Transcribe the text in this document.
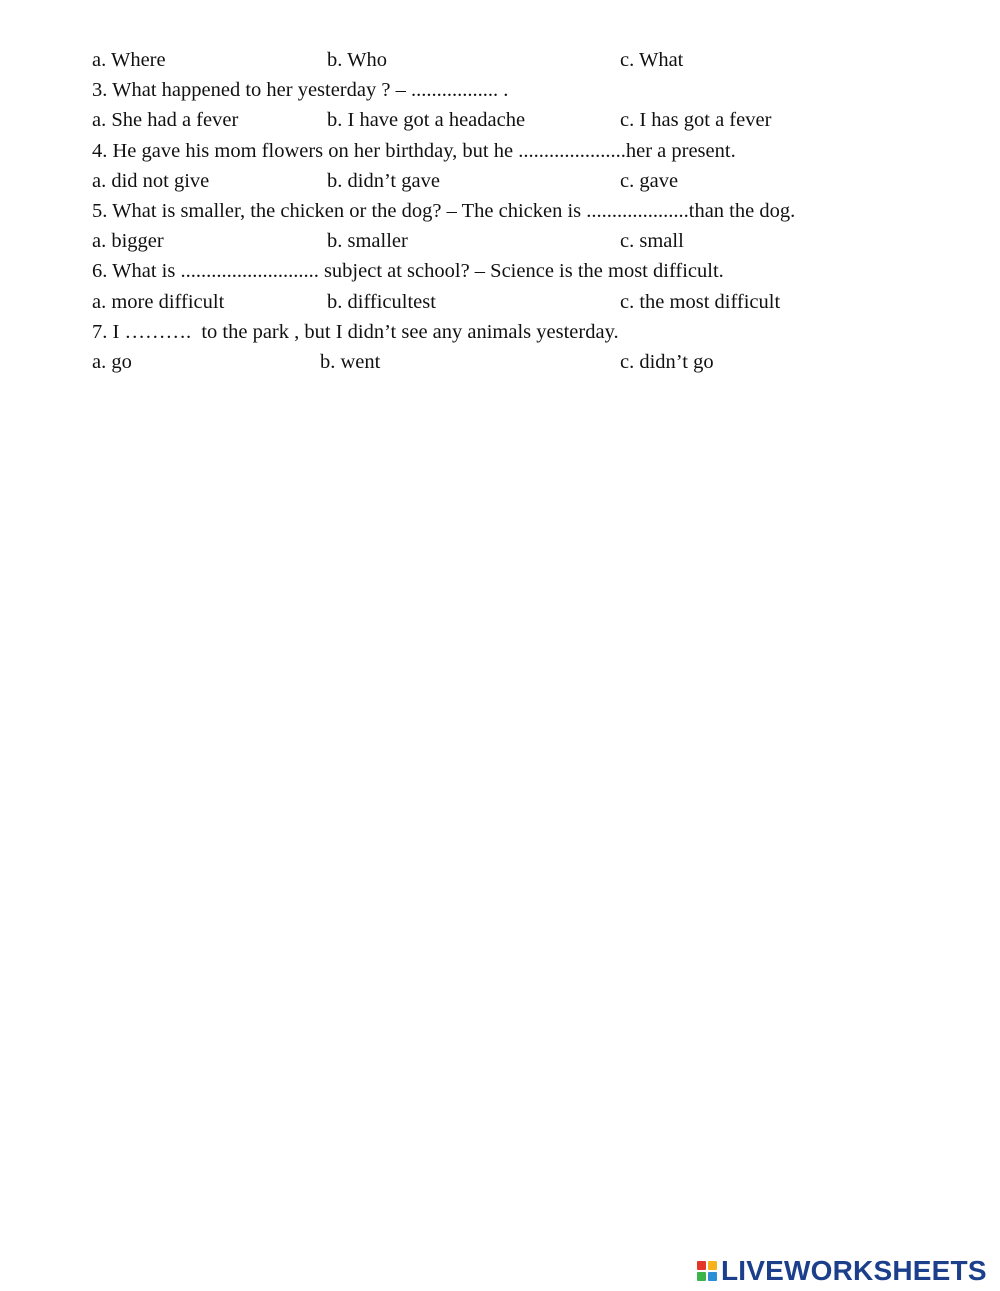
a. Where	b. Who	c. What
3. What happened to her yesterday ? – ................. .
a. She had a fever	b. I have got a headache	c. I has got a fever
4. He gave his mom flowers on her birthday, but he .....................her a present.
a. did not give	b. didn’t gave	c. gave
5. What is smaller, the chicken or the dog? – The chicken is ....................than the dog.
a. bigger	b. smaller	c. small
6. What is ........................... subject at school? – Science is the most difficult.
a. more difficult	b. difficultest	c. the most difficult
7. I ……….  to the park , but I didn’t see any animals yesterday.
a. go	b. went	c. didn’t go
LIVEWORKSHEETS
